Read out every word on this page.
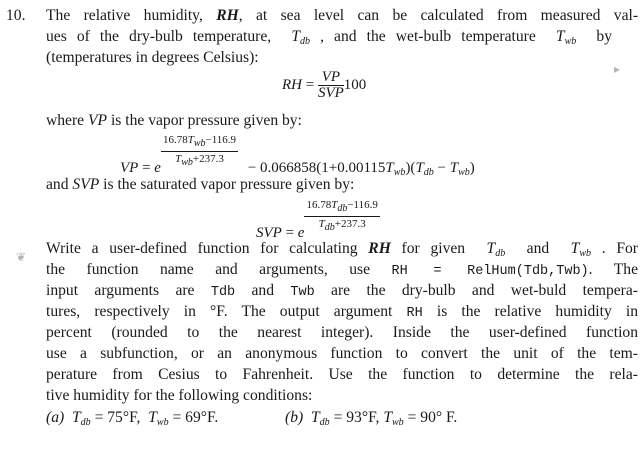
10. The relative humidity, RH, at sea level can be calculated from measured val-
ues of the dry-bulb temperature,  $T_{db}$ , and the wet-bulb temperature  $T_{wb}$  by
(temperatures in degrees Celsius):
RH = $\frac{VP}{\text{SVP}} 100$
where VP is the vapor pressure given by:
VP = e $\frac{16.78T_{wb}-116.9}{T_{wb}+237.3} - 0.066858(1+0.00115T_{wb})(T_{db} - T_{wb})$
and SVP is the saturated vapor pressure given by:
SVP = e $\frac{16.78T_{db}-116.9}{T_{db}+237.3}$
Write a user-defined function for calculating RH for given  $T_{db}$  and  $T_{wb}$ . For
the function name and arguments, use RH = RelHum(Tdb,Twb). The
input arguments are Tdb and Twb are the dry-bulb and wet-buld tempera-
tures, respectively in °F. The output argument RH is the relative humidity in
percent (rounded to the nearest integer). Inside the user-defined function
use a subfunction, or an anonymous function to convert the unit of the tem-
perature from Cesius to Fahrenheit. Use the function to determine the rela-
tive humidity for the following conditions:
(a) $T_{db} = 75^\circ F$,  $T_{wb} = 69^\circ F$.	(b) $T_{db} = 93^\circ F$, $T_{wb} = 90^\circ$ F.
▸
❦
